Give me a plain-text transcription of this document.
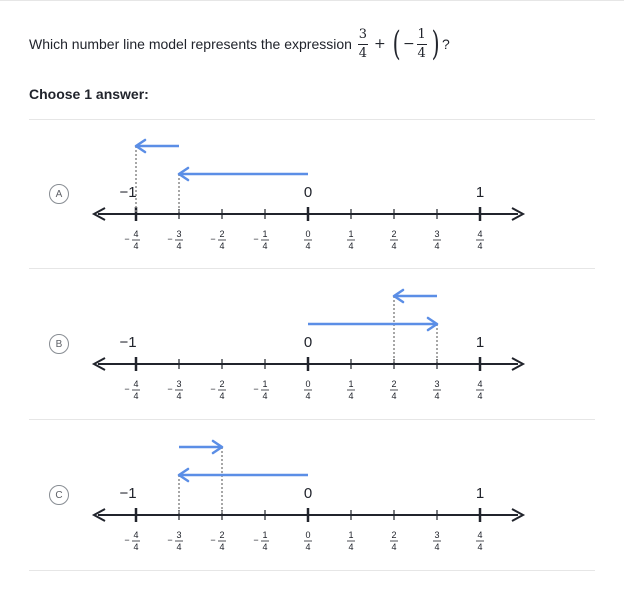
Which number line model represents the expression $\frac{3}{4}$ + ( − $\frac{1}{4}$ ) ?
Choose 1 answer:
A
− 4
4
− 3
4
− 2
4
− 1
4
0
4
1
4
2
4
3
4
4
4
−1	0	1
B
− 4
4
− 3
4
− 2
4
− 1
4
0
4
1
4
2
4
3
4
4
4
−1	0	1
C
− 4
4
− 3
4
− 2
4
− 1
4
0
4
1
4
2
4
3
4
4
4
−1	0	1
